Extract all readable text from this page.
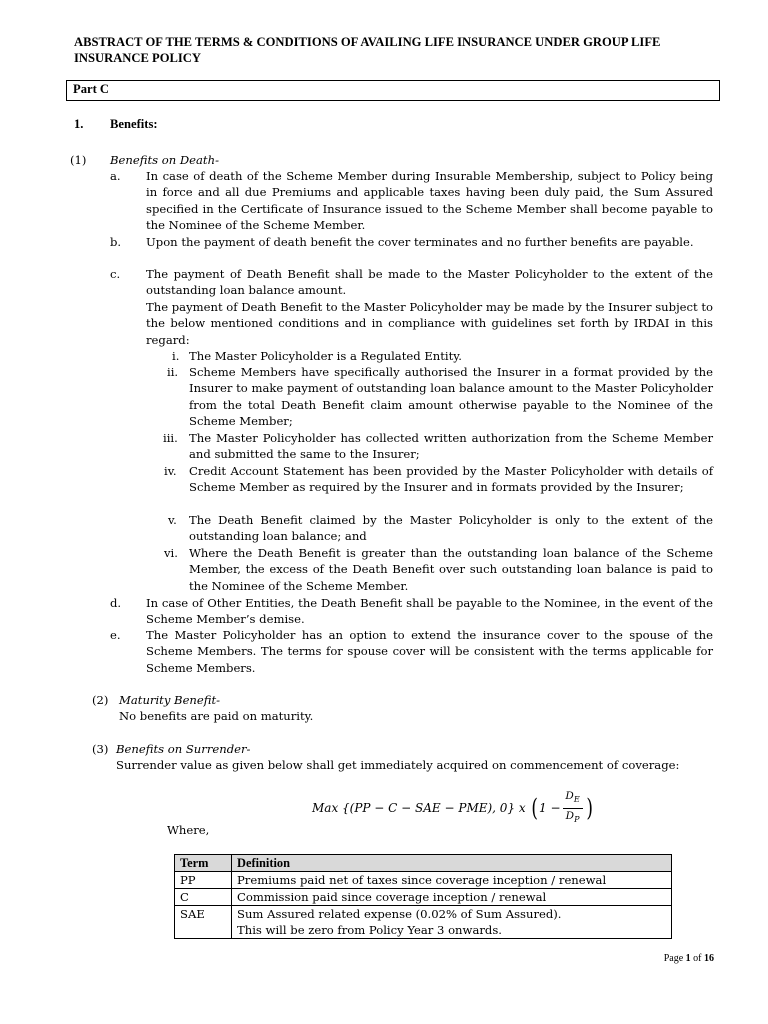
ABSTRACT OF THE TERMS & CONDITIONS OF AVAILING LIFE INSURANCE UNDER GROUP LIFE INSURANCE POLICY
Part C
1. Benefits:
(1) Benefits on Death-
a. In case of death of the Scheme Member during Insurable Membership, subject to Policy being in force and all due Premiums and applicable taxes having been duly paid, the Sum Assured specified in the Certificate of Insurance issued to the Scheme Member shall become payable to the Nominee of the Scheme Member.
b. Upon the payment of death benefit the cover terminates and no further benefits are payable.
c. The payment of Death Benefit shall be made to the Master Policyholder to the extent of the outstanding loan balance amount.
The payment of Death Benefit to the Master Policyholder may be made by the Insurer subject to the below mentioned conditions and in compliance with guidelines set forth by IRDAI in this regard:
i. The Master Policyholder is a Regulated Entity.
ii. Scheme Members have specifically authorised the Insurer in a format provided by the Insurer to make payment of outstanding loan balance amount to the Master Policyholder from the total Death Benefit claim amount otherwise payable to the Nominee of the Scheme Member;
iii. The Master Policyholder has collected written authorization from the Scheme Member and submitted the same to the Insurer;
iv. Credit Account Statement has been provided by the Master Policyholder with details of Scheme Member as required by the Insurer and in formats provided by the Insurer;
v. The Death Benefit claimed by the Master Policyholder is only to the extent of the outstanding loan balance; and
vi. Where the Death Benefit is greater than the outstanding loan balance of the Scheme Member, the excess of the Death Benefit over such outstanding loan balance is paid to the Nominee of the Scheme Member.
d. In case of Other Entities, the Death Benefit shall be payable to the Nominee, in the event of the Scheme Member’s demise.
e. The Master Policyholder has an option to extend the insurance cover to the spouse of the Scheme Members. The terms for spouse cover will be consistent with the terms applicable for Scheme Members.
(2) Maturity Benefit-
No benefits are paid on maturity.
(3) Benefits on Surrender-
Surrender value as given below shall get immediately acquired on commencement of coverage:
Max {(PP − C − SAE − PME), 0} x ( $1 - \frac{D_E}{D_P}$ )
Where,
Term	Definition
PP	Premiums paid net of taxes since coverage inception / renewal
C	Commission paid since coverage inception / renewal
SAE	Sum Assured related expense (0.02% of Sum Assured).
This will be zero from Policy Year 3 onwards.
Page 1 of 16
